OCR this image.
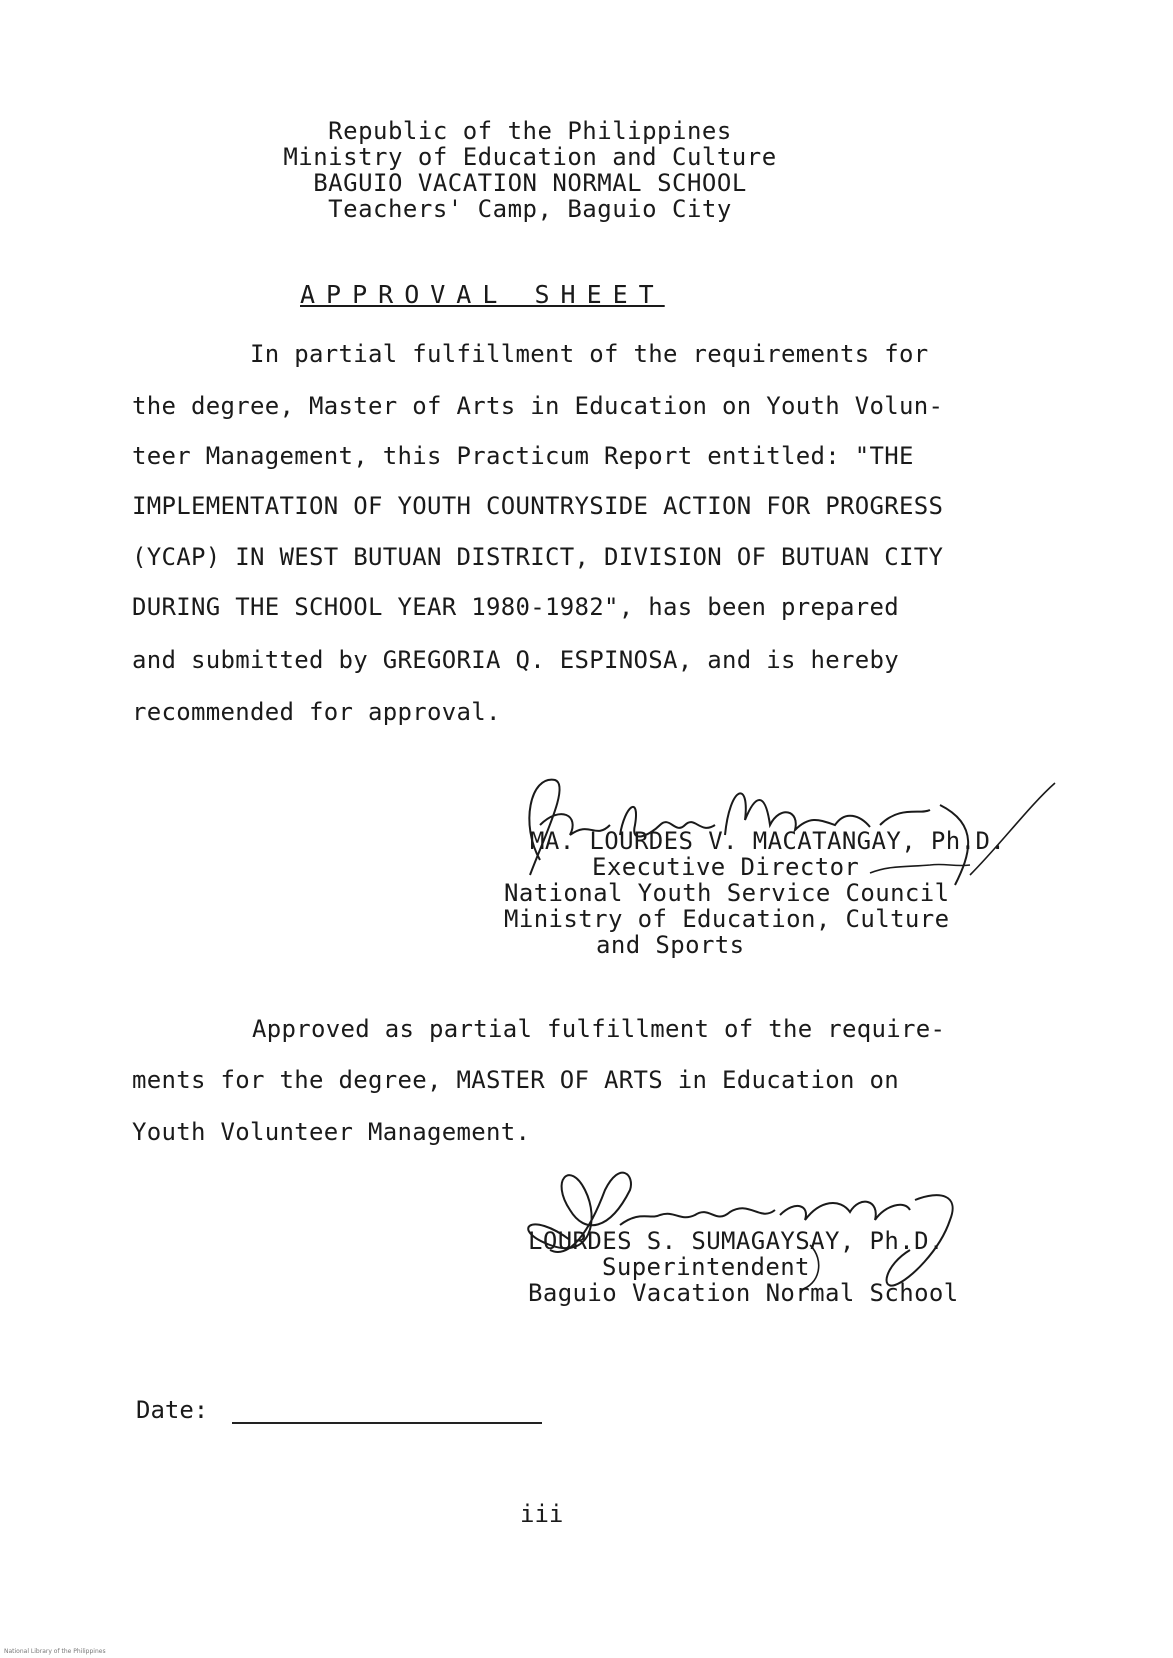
Republic of the Philippines
Ministry of Education and Culture
BAGUIO VACATION NORMAL SCHOOL
Teachers' Camp, Baguio City
APPROVAL SHEET
In partial fulfillment of the requirements for
the degree, Master of Arts in Education on Youth Volun-
teer Management, this Practicum Report entitled: "THE
IMPLEMENTATION OF YOUTH COUNTRYSIDE ACTION FOR PROGRESS
(YCAP) IN WEST BUTUAN DISTRICT, DIVISION OF BUTUAN CITY
DURING THE SCHOOL YEAR 1980-1982", has been prepared
and submitted by GREGORIA Q. ESPINOSA, and is hereby
recommended for approval.
MA. LOURDES V. MACATANGAY, Ph.D.
Executive Director
National Youth Service Council
Ministry of Education, Culture
and Sports
Approved as partial fulfillment of the require-
ments for the degree, MASTER OF ARTS in Education on
Youth Volunteer Management.
LOURDES S. SUMAGAYSAY, Ph.D.
Superintendent
Baguio Vacation Normal School
Date:
iii
National Library of the Philippines
